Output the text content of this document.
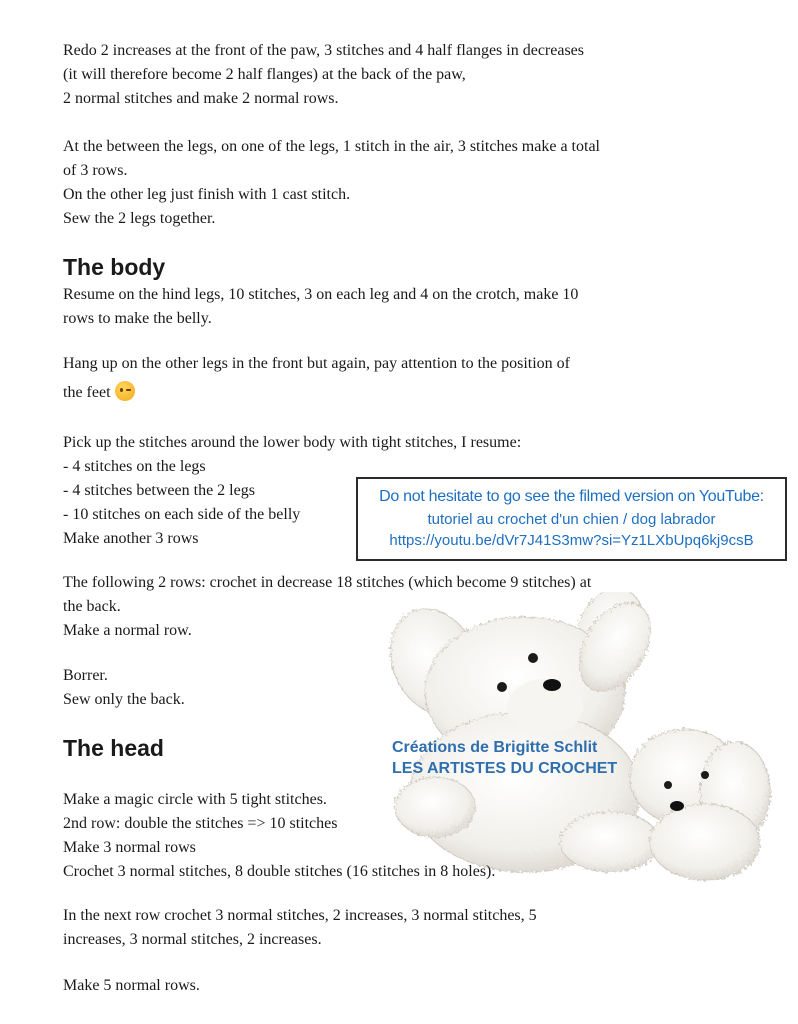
Redo 2 increases at the front of the paw, 3 stitches and 4 half flanges in decreases

(it will therefore become 2 half flanges) at the back of the paw,

2 normal stitches and make 2 normal rows.

At the between the legs, on one of the legs, 1 stitch in the air, 3 stitches make a total

of 3 rows.

On the other leg just finish with 1 cast stitch.

Sew the 2 legs together.

The body

Resume on the hind legs, 10 stitches, 3 on each leg and 4 on the crotch, make 10

rows to make the belly.

Hang up on the other legs in the front but again, pay attention to the position of

the feet

Pick up the stitches around the lower body with tight stitches, I resume:

- 4 stitches on the legs

- 4 stitches between the 2 legs

- 10 stitches on each side of the belly

Make another 3 rows

Do not hesitate to go see the filmed version on YouTube:
tutoriel au crochet d'un chien / dog labrador
https://youtu.be/dVr7J41S3mw?si=Yz1LXbUpq6kj9csB

The following 2 rows: crochet in decrease 18 stitches (which become 9 stitches) at

the back.

Make a normal row.

Borrer.

Sew only the back.

The head	Créations de Brigitte Schlit
LES ARTISTES DU CROCHET

Make a magic circle with 5 tight stitches.

2nd row: double the stitches => 10 stitches

Make 3 normal rows

Crochet 3 normal stitches, 8 double stitches (16 stitches in 8 holes).

In the next row crochet 3 normal stitches, 2 increases, 3 normal stitches, 5

increases, 3 normal stitches, 2 increases.

Make 5 normal rows.
